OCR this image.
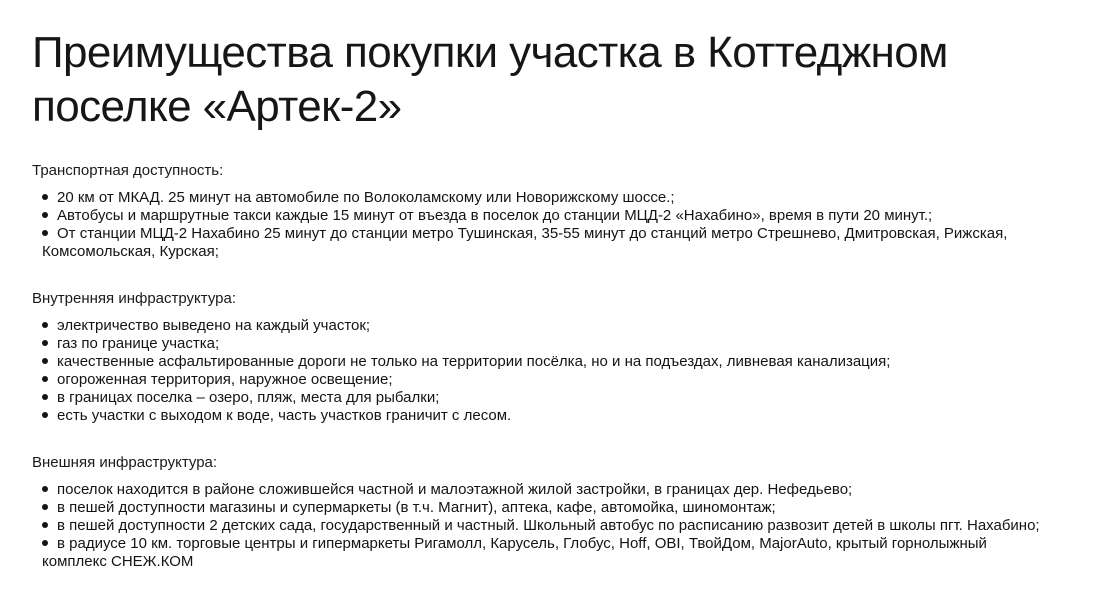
Преимущества покупки участка в Коттеджном
поселке «Артек-2»

Транспортная доступность:

20 км от МКАД. 25 минут на автомобиле по Волоколамскому или Новорижскому шоссе.;
Автобусы и маршрутные такси каждые 15 минут от въезда в поселок до станции МЦД-2 «Нахабино», время в пути 20 минут.;
От станции МЦД-2 Нахабино 25 минут до станции метро Тушинская, 35-55 минут до станций метро Стрешнево, Дмитровская, Рижская, Комсомольская, Курская;

Внутренняя инфраструктура:

электричество выведено на каждый участок;
газ по границе участка;
качественные асфальтированные дороги не только на территории посёлка, но и на подъездах, ливневая канализация;
огороженная территория, наружное освещение;
в границах поселка – озеро, пляж, места для рыбалки;
есть участки с выходом к воде, часть участков граничит с лесом.

Внешняя инфраструктура:

поселок находится в районе сложившейся частной и малоэтажной жилой застройки, в границах дер. Нефедьево;
в пешей доступности магазины и супермаркеты (в т.ч. Магнит), аптека, кафе, автомойка, шиномонтаж;
в пешей доступности 2 детских сада, государственный и частный. Школьный автобус по расписанию развозит детей в школы пгт. Нахабино;
в радиусе 10 км. торговые центры и гипермаркеты Ригамолл, Карусель, Глобус, Hoff, OBI, ТвойДом, MajorAuto, крытый горнолыжный комплекс СНЕЖ.КОМ
